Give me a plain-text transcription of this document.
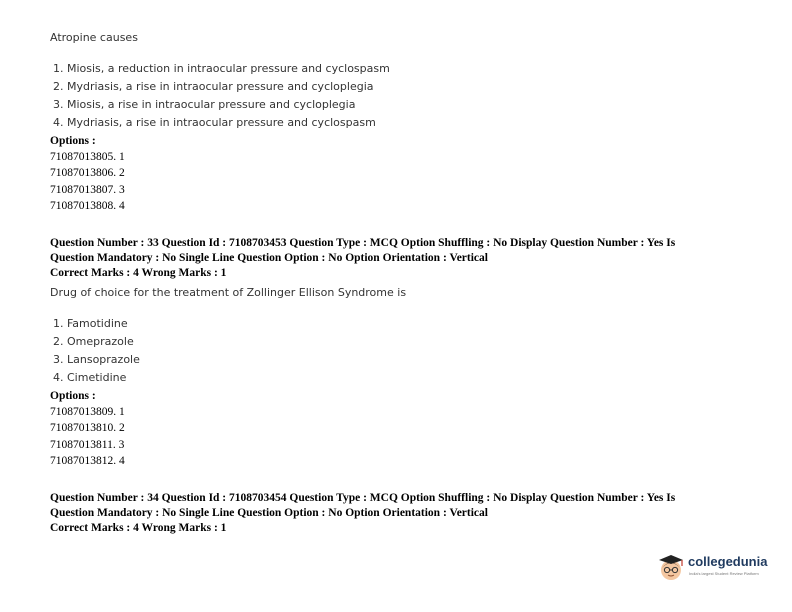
Atropine causes
1. Miosis, a reduction in intraocular pressure and cyclospasm
2. Mydriasis, a rise in intraocular pressure and cycloplegia
3. Miosis, a rise in intraocular pressure and cycloplegia
4. Mydriasis, a rise in intraocular pressure and cyclospasm
Options :
71087013805. 1
71087013806. 2
71087013807. 3
71087013808. 4
Question Number : 33 Question Id : 7108703453 Question Type : MCQ Option Shuffling : No Display Question Number : Yes Is
Question Mandatory : No Single Line Question Option : No Option Orientation : Vertical
Correct Marks : 4 Wrong Marks : 1
Drug of choice for the treatment of Zollinger Ellison Syndrome is
1. Famotidine
2. Omeprazole
3. Lansoprazole
4. Cimetidine
Options :
71087013809. 1
71087013810. 2
71087013811. 3
71087013812. 4
Question Number : 34 Question Id : 7108703454 Question Type : MCQ Option Shuffling : No Display Question Number : Yes Is
Question Mandatory : No Single Line Question Option : No Option Orientation : Vertical
Correct Marks : 4 Wrong Marks : 1
collegedunia
India's largest Student Review Platform
